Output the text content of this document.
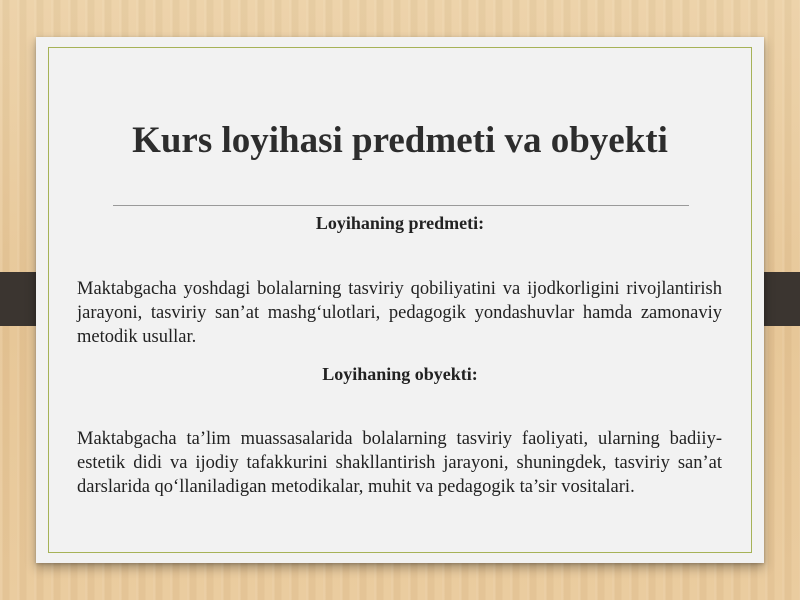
Kurs loyihasi predmeti va obyekti
Loyihaning predmeti:
Maktabgacha yoshdagi bolalarning tasviriy qobiliyatini va ijodkorligini rivojlantirish jarayoni, tasviriy san’at mashg‘ulotlari, pedagogik yondashuvlar hamda zamonaviy metodik usullar.
Loyihaning obyekti:
Maktabgacha ta’lim muassasalarida bolalarning tasviriy faoliyati, ularning badiiy-estetik didi va ijodiy tafakkurini shakllantirish jarayoni, shuningdek, tasviriy san’at darslarida qo‘llaniladigan metodikalar, muhit va pedagogik ta’sir vositalari.
